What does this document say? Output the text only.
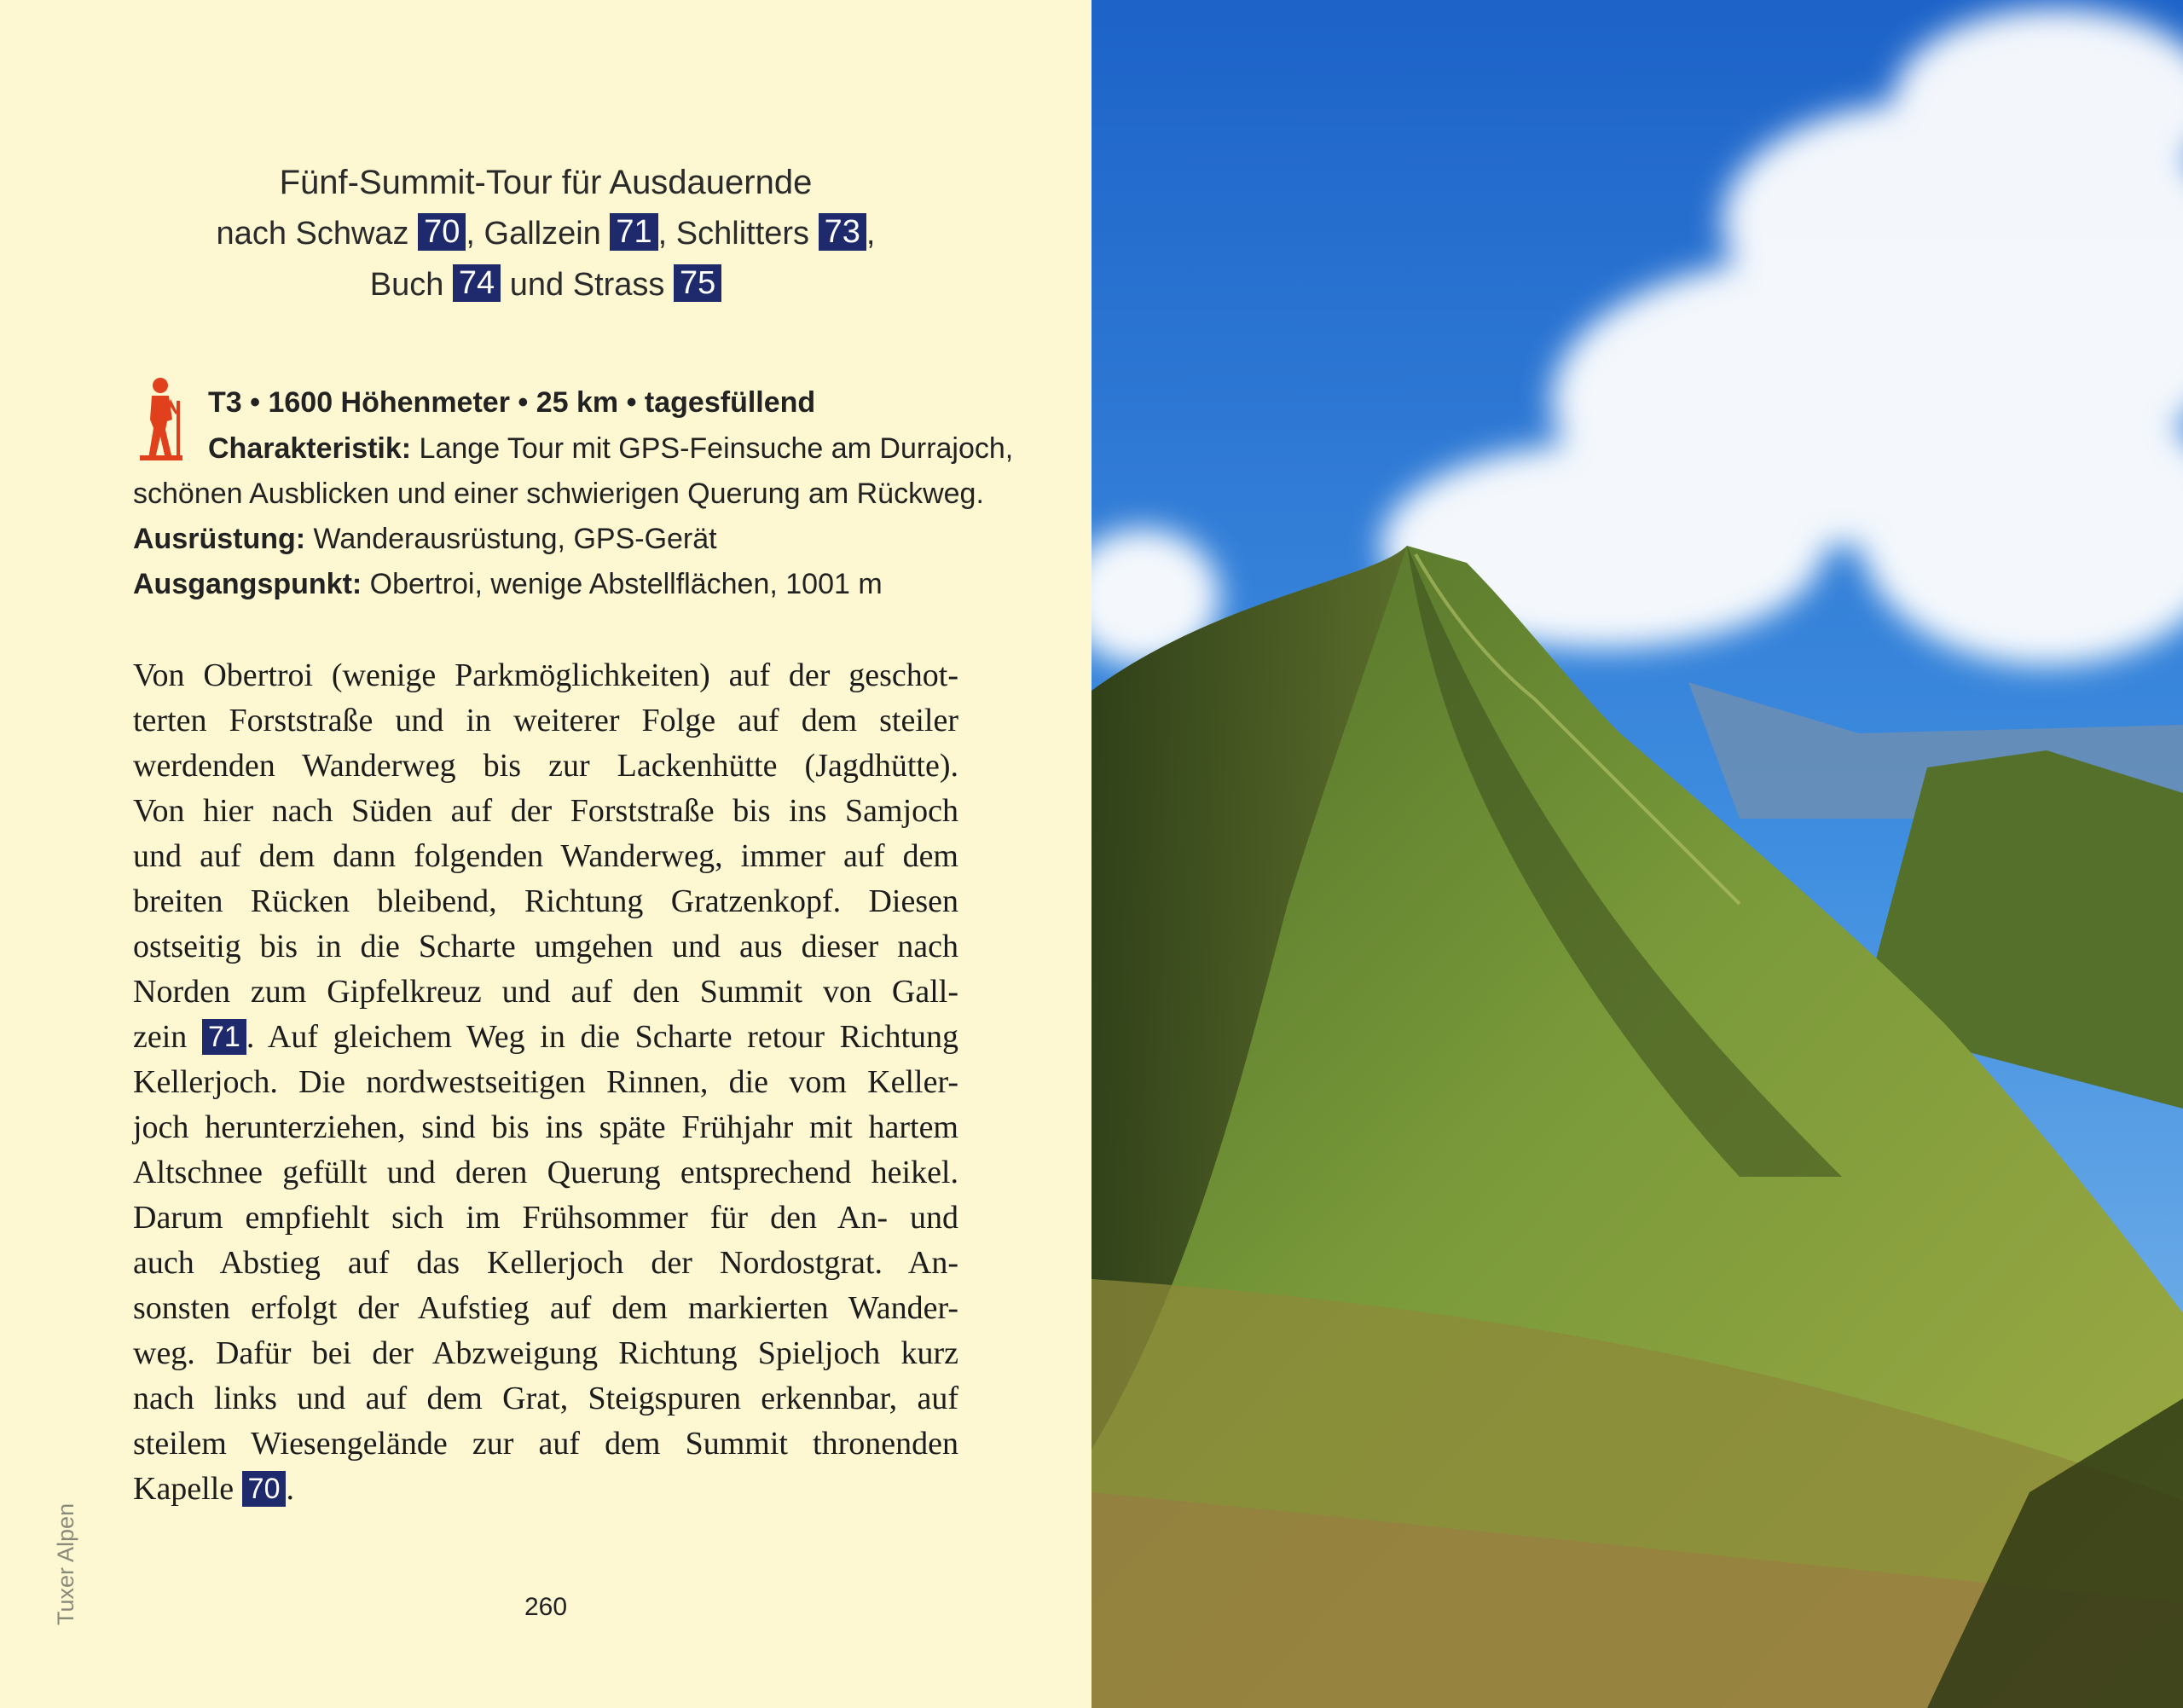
Fünf-Summit-Tour für Ausdauernde
nach Schwaz 70 , Gallzein 71 , Schlitters 73 ,
Buch 74 und Strass 75
T3 • 1600 Höhenmeter • 25 km • tagesfüllend
Charakteristik: Lange Tour mit GPS-Feinsuche am Durrajoch,
schönen Ausblicken und einer schwierigen Querung am Rückweg.
Ausrüstung: Wanderausrüstung, GPS-Gerät
Ausgangspunkt: Obertroi, wenige Abstellflächen, 1001 m
Von Obertroi (wenige Parkmöglichkeiten) auf der geschot-
terten Forststraße und in weiterer Folge auf dem steiler
werdenden Wanderweg bis zur Lackenhütte (Jagdhütte).
Von hier nach Süden auf der Forststraße bis ins Samjoch
und auf dem dann folgenden Wanderweg, immer auf dem
breiten Rücken bleibend, Richtung Gratzenkopf. Diesen
ostseitig bis in die Scharte umgehen und aus dieser nach
Norden zum Gipfelkreuz und auf den Summit von Gall-
zein 71 . Auf gleichem Weg in die Scharte retour Richtung
Kellerjoch. Die nordwestseitigen Rinnen, die vom Keller-
joch herunterziehen, sind bis ins späte Frühjahr mit hartem
Altschnee gefüllt und deren Querung entsprechend heikel.
Darum empfiehlt sich im Frühsommer für den An- und
auch Abstieg auf das Kellerjoch der Nordostgrat. An-
sonsten erfolgt der Aufstieg auf dem markierten Wander-
weg. Dafür bei der Abzweigung Richtung Spieljoch kurz
nach links und auf dem Grat, Steigspuren erkennbar, auf
steilem Wiesengelände zur auf dem Summit thronenden
Kapelle 70 .
Tuxer Alpen	260
